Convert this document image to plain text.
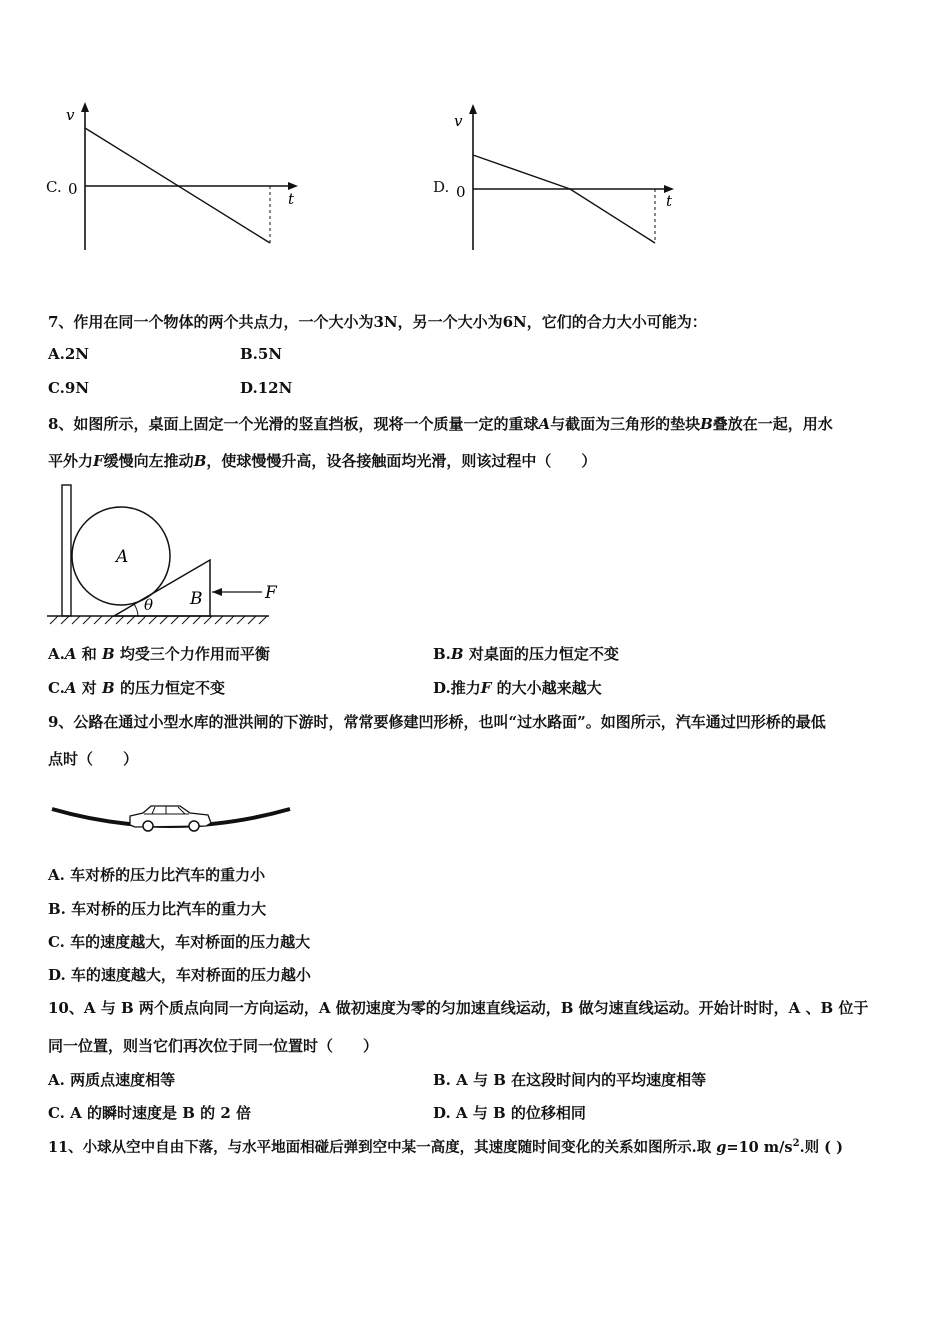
C.
v
0
t
D.
v
0	t
7、作用在同一个物体的两个共点力，一个大小为3N，另一个大小为6N，它们的合力大小可能为：
A.2N	B.5N
C.9N	D.12N
8、如图所示，桌面上固定一个光滑的竖直挡板，现将一个质量一定的重球A与截面为三角形的垫块B叠放在一起，用水
平外力F缓慢向左推动B，使球慢慢升高，设各接触面均光滑，则该过程中（　　）
A
B
θ
F
A.A 和 B 均受三个力作用而平衡	B.B 对桌面的压力恒定不变
C.A 对 B 的压力恒定不变	D.推力F 的大小越来越大
9、公路在通过小型水库的泄洪闸的下游时，常常要修建凹形桥，也叫“过水路面”。如图所示，汽车通过凹形桥的最低
点时（　　）
A. 车对桥的压力比汽车的重力小
B. 车对桥的压力比汽车的重力大
C. 车的速度越大，车对桥面的压力越大
D. 车的速度越大，车对桥面的压力越小
10、A 与 B 两个质点向同一方向运动，A 做初速度为零的匀加速直线运动，B 做匀速直线运动。开始计时时，A 、B 位于
同一位置，则当它们再次位于同一位置时（　　）
A. 两质点速度相等	B. A 与 B 在这段时间内的平均速度相等
C. A 的瞬时速度是 B 的 2 倍	D. A 与 B 的位移相同
11、小球从空中自由下落，与水平地面相碰后弹到空中某一高度，其速度随时间变化的关系如图所示.取 g=10 $m/s^2$.则 ( )
